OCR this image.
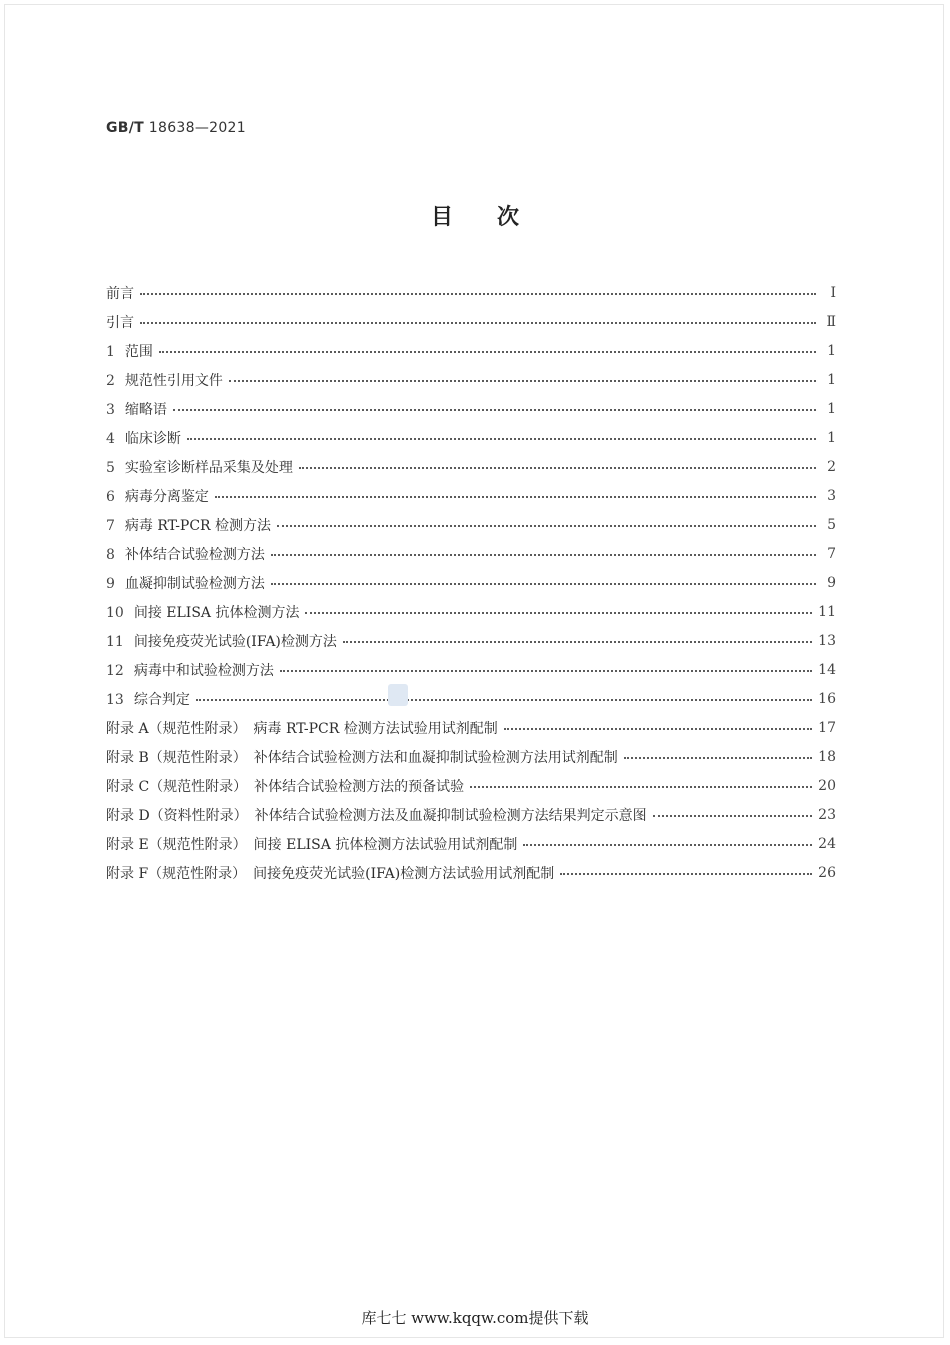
GB/T 18638—2021
目 次
前言	Ⅰ
引言	Ⅱ
1 范围	1
2 规范性引用文件	1
3 缩略语	1
4 临床诊断	1
5 实验室诊断样品采集及处理	2
6 病毒分离鉴定	3
7 病毒 RT-PCR 检测方法	5
8 补体结合试验检测方法	7
9 血凝抑制试验检测方法	9
10 间接 ELISA 抗体检测方法	11
11 间接免疫荧光试验(IFA)检测方法	13
12 病毒中和试验检测方法	14
13 综合判定	16
附录 A（规范性附录）　病毒 RT-PCR 检测方法试验用试剂配制	17
附录 B（规范性附录）　补体结合试验检测方法和血凝抑制试验检测方法用试剂配制	18
附录 C（规范性附录）　补体结合试验检测方法的预备试验	20
附录 D（资料性附录）　补体结合试验检测方法及血凝抑制试验检测方法结果判定示意图	23
附录 E（规范性附录）　间接 ELISA 抗体检测方法试验用试剂配制	24
附录 F（规范性附录）　间接免疫荧光试验(IFA)检测方法试验用试剂配制	26
库七七 www.kqqw.com提供下载
